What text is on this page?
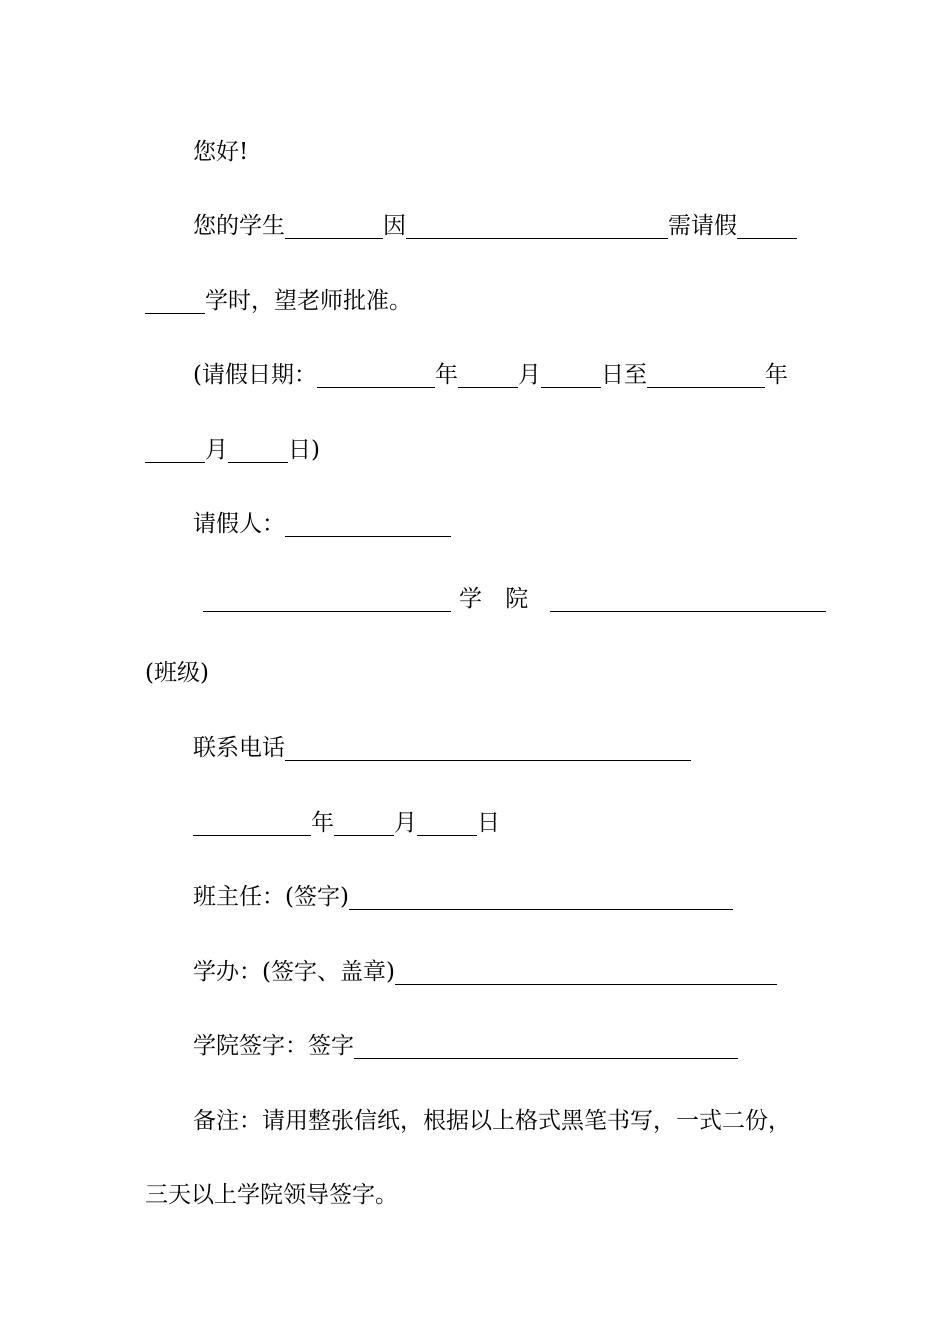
您好!
您的学生	因	需请假
学时，望老师批准。
(请假日期：	年	月	日至	年
月	日)
请假人：
学 院
(班级)
联系电话
年	月	日
班主任：(签字)
学办：(签字、盖章)
学院签字：签字
备注：请用整张信纸，根据以上格式黑笔书写，一式二份，
三天以上学院领导签字。
